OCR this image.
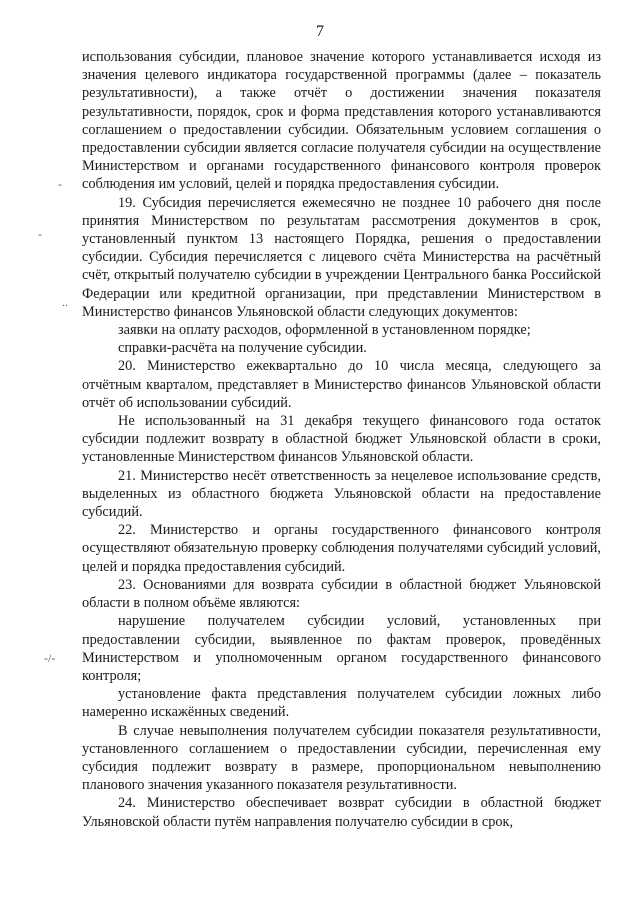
7
-
-
..
-/-

использования субсидии, плановое значение которого устанавливается исходя из значения целевого индикатора государственной программы (далее – показатель результативности), а также отчёт о достижении значения показателя результативности, порядок, срок и форма представления которого устанавливаются соглашением о предоставлении субсидии. Обязательным условием соглашения о предоставлении субсидии является согласие получателя субсидии на осуществление Министерством и органами государственного финансового контроля проверок соблюдения им условий, целей и порядка предоставления субсидии.

19. Субсидия перечисляется ежемесячно не позднее 10 рабочего дня после принятия Министерством по результатам рассмотрения документов в срок, установленный пунктом 13 настоящего Порядка, решения о предоставлении субсидии. Субсидия перечисляется с лицевого счёта Министерства на расчётный счёт, открытый получателю субсидии в учреждении Центрального банка Российской Федерации или кредитной организации, при представлении Министерством в Министерство финансов Ульяновской области следующих документов:

заявки на оплату расходов, оформленной в установленном порядке;

справки-расчёта на получение субсидии.

20. Министерство ежеквартально до 10 числа месяца, следующего за отчётным кварталом, представляет в Министерство финансов Ульяновской области отчёт об использовании субсидий.

Не использованный на 31 декабря текущего финансового года остаток субсидии подлежит возврату в областной бюджет Ульяновской области в сроки, установленные Министерством финансов Ульяновской области.

21. Министерство несёт ответственность за нецелевое использование средств, выделенных из областного бюджета Ульяновской области на предоставление субсидий.

22. Министерство и органы государственного финансового контроля осуществляют обязательную проверку соблюдения получателями субсидий условий, целей и порядка предоставления субсидий.

23. Основаниями для возврата субсидии в областной бюджет Ульяновской области в полном объёме являются:

нарушение получателем субсидии условий, установленных при предоставлении субсидии, выявленное по фактам проверок, проведённых Министерством и уполномоченным органом государственного финансового контроля;

установление факта представления получателем субсидии ложных либо намеренно искажённых сведений.

В случае невыполнения получателем субсидии показателя результативности, установленного соглашением о предоставлении субсидии, перечисленная ему субсидия подлежит возврату в размере, пропорциональном невыполнению планового значения указанного показателя результативности.

24. Министерство обеспечивает возврат субсидии в областной бюджет Ульяновской области путём направления получателю субсидии в срок,
